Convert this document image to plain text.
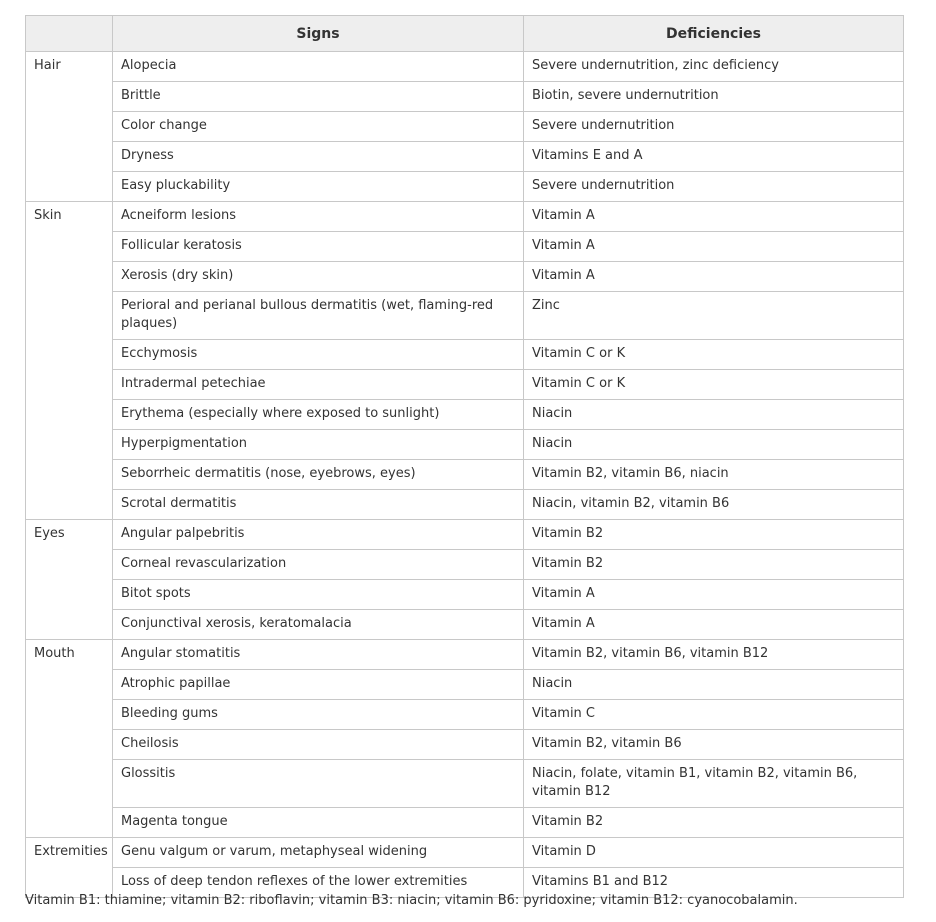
	Signs	Deficiencies
Hair	Alopecia	Severe undernutrition, zinc deficiency
	Brittle	Biotin, severe undernutrition
	Color change	Severe undernutrition
	Dryness	Vitamins E and A
	Easy pluckability	Severe undernutrition
Skin	Acneiform lesions	Vitamin A
	Follicular keratosis	Vitamin A
	Xerosis (dry skin)	Vitamin A
	Perioral and perianal bullous dermatitis (wet, flaming-red plaques)	Zinc
	Ecchymosis	Vitamin C or K
	Intradermal petechiae	Vitamin C or K
	Erythema (especially where exposed to sunlight)	Niacin
	Hyperpigmentation	Niacin
	Seborrheic dermatitis (nose, eyebrows, eyes)	Vitamin B2, vitamin B6, niacin
	Scrotal dermatitis	Niacin, vitamin B2, vitamin B6
Eyes	Angular palpebritis	Vitamin B2
	Corneal revascularization	Vitamin B2
	Bitot spots	Vitamin A
	Conjunctival xerosis, keratomalacia	Vitamin A
Mouth	Angular stomatitis	Vitamin B2, vitamin B6, vitamin B12
	Atrophic papillae	Niacin
	Bleeding gums	Vitamin C
	Cheilosis	Vitamin B2, vitamin B6
	Glossitis	Niacin, folate, vitamin B1, vitamin B2, vitamin B6, vitamin B12
	Magenta tongue	Vitamin B2
Extremities	Genu valgum or varum, metaphyseal widening	Vitamin D
	Loss of deep tendon reflexes of the lower extremities	Vitamins B1 and B12
Vitamin B1: thiamine; vitamin B2: riboflavin; vitamin B3: niacin; vitamin B6: pyridoxine; vitamin B12: cyanocobalamin.
